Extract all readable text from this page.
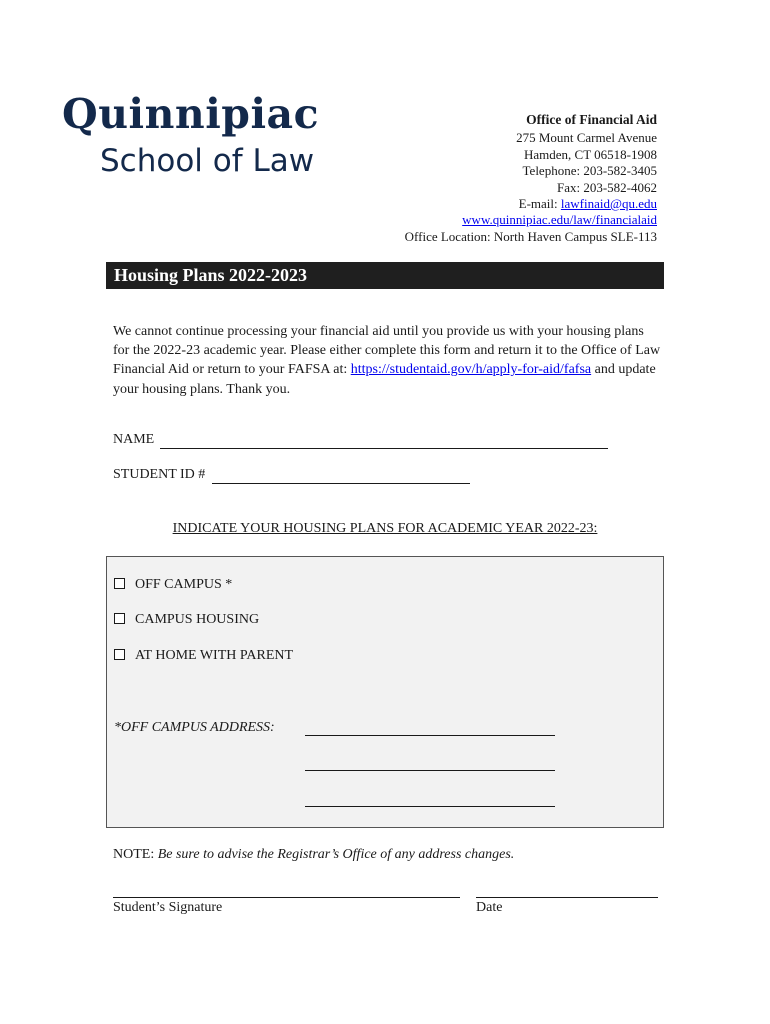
Quinnipiac
School of Law
Office of Financial Aid
275 Mount Carmel Avenue
Hamden, CT 06518-1908
Telephone: 203-582-3405
Fax: 203-582-4062
E-mail: lawfinaid@qu.edu
www.quinnipiac.edu/law/financialaid
Office Location: North Haven Campus SLE-113
Housing Plans 2022-2023
We cannot continue processing your financial aid until you provide us with your housing plans for the 2022-23 academic year. Please either complete this form and return it to the Office of Law Financial Aid or return to your FAFSA at: https://studentaid.gov/h/apply-for-aid/fafsa and update your housing plans. Thank you.
NAME
STUDENT ID #
INDICATE YOUR HOUSING PLANS FOR ACADEMIC YEAR 2022-23:
OFF CAMPUS *
CAMPUS HOUSING
AT HOME WITH PARENT
*OFF CAMPUS ADDRESS:
NOTE: Be sure to advise the Registrar’s Office of any address changes.
Student’s Signature	Date
